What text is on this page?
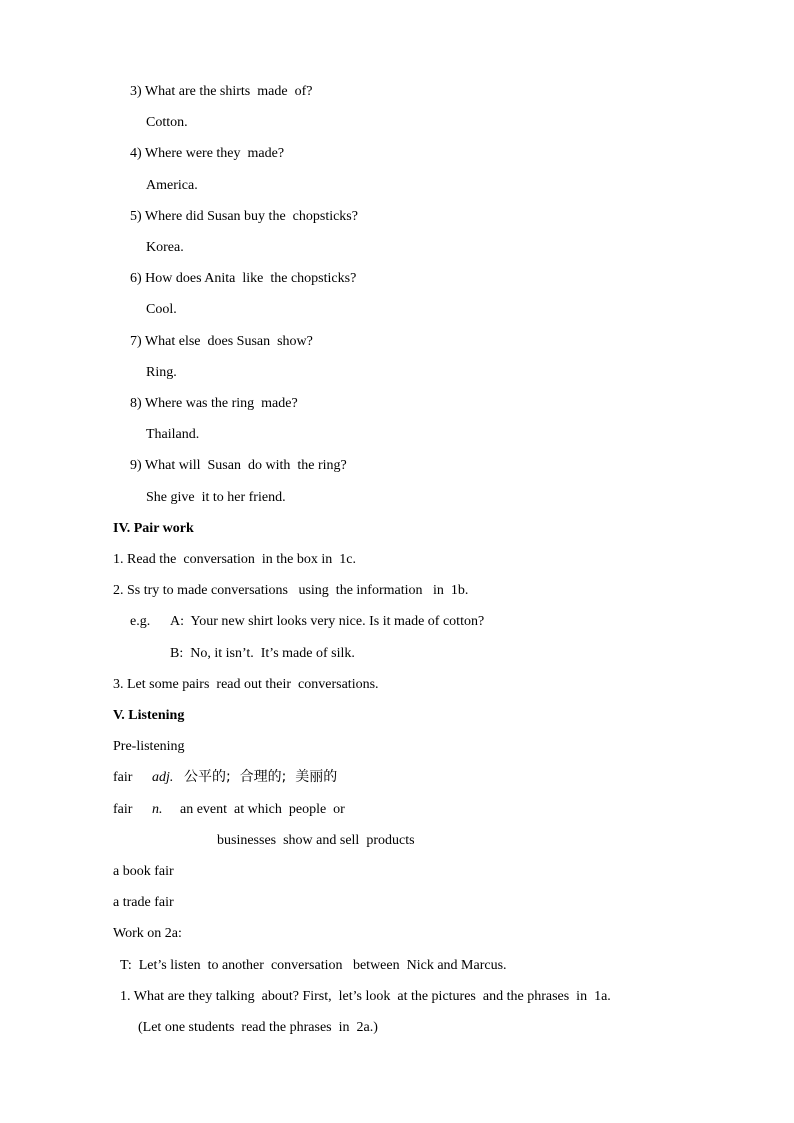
3) What are the shirts  made  of?
Cotton.
4) Where were they  made?
America.
5) Where did Susan buy the  chopsticks?
Korea.
6) How does Anita  like  the chopsticks?
Cool.
7) What else  does Susan  show?
Ring.
8) Where was the ring  made?
Thailand.
9) What will  Susan  do with  the ring?
She give  it to her friend.
IV. Pair work
1. Read the  conversation  in the box in  1c.
2. Ss try to made conversations   using  the information   in  1b.
e.g. A:  Your new shirt looks very nice. Is it made of cotton?
B:  No, it isn’t.  It’s made of silk.
3. Let some pairs  read out their  conversations.
V. Listening
Pre-listening
fair adj. 公平的;  合理的;  美丽的
fair n. an event  at which  people  or
businesses  show and sell  products
a book fair
a trade fair
Work on 2a:
T:  Let’s listen  to another  conversation   between  Nick and Marcus.
1. What are they talking  about? First,  let’s look  at the pictures  and the phrases  in  1a.
(Let one students  read the phrases  in  2a.)
